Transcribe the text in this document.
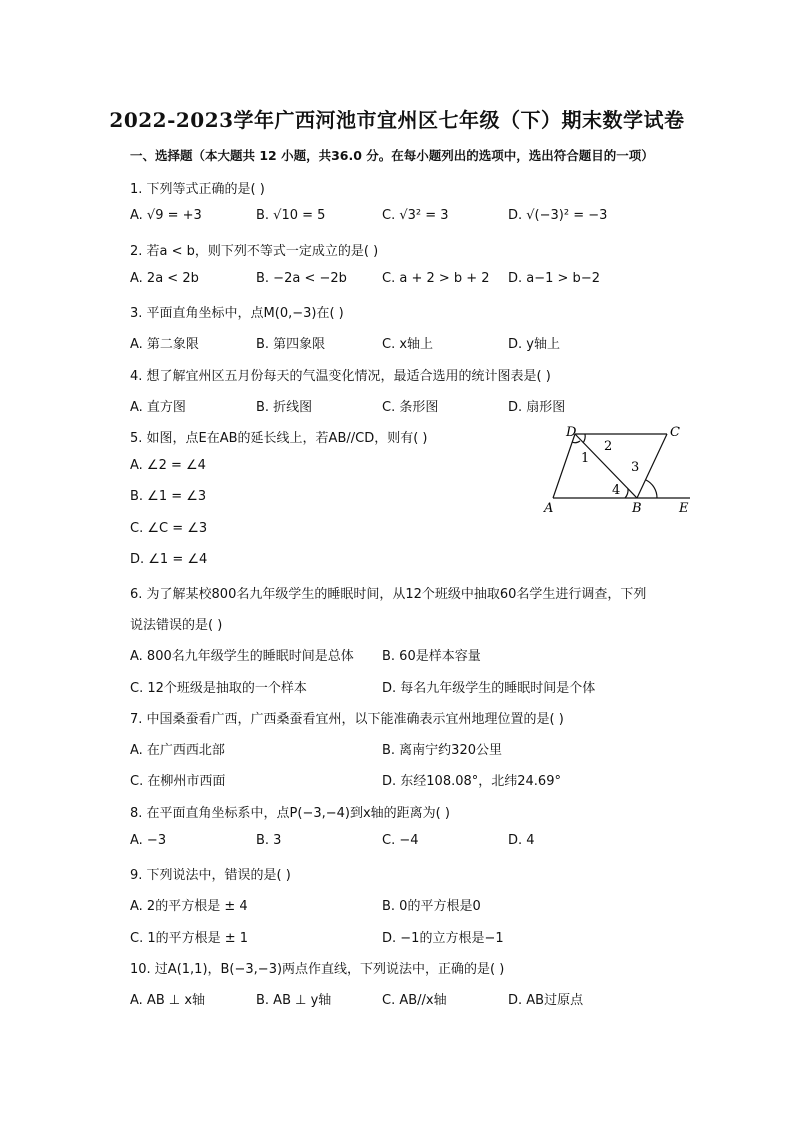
2022-2023学年广西河池市宜州区七年级（下）期末数学试卷
一、选择题（本大题共 12 小题，共36.0 分。在每小题列出的选项中，选出符合题目的一项）
1. 下列等式正确的是( )
A. √9 = +3	B. √10 = 5	C. √3² = 3	D. √(−3)² = −3
2. 若a < b，则下列不等式一定成立的是( )
A. 2a < 2b	B. −2a < −2b	C. a + 2 > b + 2 D. a−1 > b−2
3. 平面直角坐标中，点M(0,−3)在( )
A. 第二象限	B. 第四象限	C. x轴上	D. y轴上
4. 想了解宜州区五月份每天的气温变化情况，最适合选用的统计图表是( )
A. 直方图	B. 折线图	C. 条形图	D. 扇形图
5. 如图，点E在AB的延长线上，若AB//CD，则有( )
A. ∠2 = ∠4
B. ∠1 = ∠3
C. ∠C = ∠3
D. ∠1 = ∠4
D	C
A	B	E
1
2
3
4
6. 为了解某校800名九年级学生的睡眠时间，从12个班级中抽取60名学生进行调查，下列
说法错误的是( )
A. 800名九年级学生的睡眠时间是总体 B. 60是样本容量
C. 12个班级是抽取的一个样本	D. 每名九年级学生的睡眠时间是个体
7. 中国桑蚕看广西，广西桑蚕看宜州，以下能准确表示宜州地理位置的是( )
A. 在广西西北部	B. 离南宁约320公里
C. 在柳州市西面	D. 东经108.08°，北纬24.69°
8. 在平面直角坐标系中，点P(−3,−4)到x轴的距离为( )
A. −3	B. 3	C. −4	D. 4
9. 下列说法中，错误的是( )
A. 2的平方根是 ± 4	B. 0的平方根是0
C. 1的平方根是 ± 1	D. −1的立方根是−1
10. 过A(1,1)，B(−3,−3)两点作直线，下列说法中，正确的是( )
A. AB ⊥ x轴	B. AB ⊥ y轴	C. AB//x轴	D. AB过原点
